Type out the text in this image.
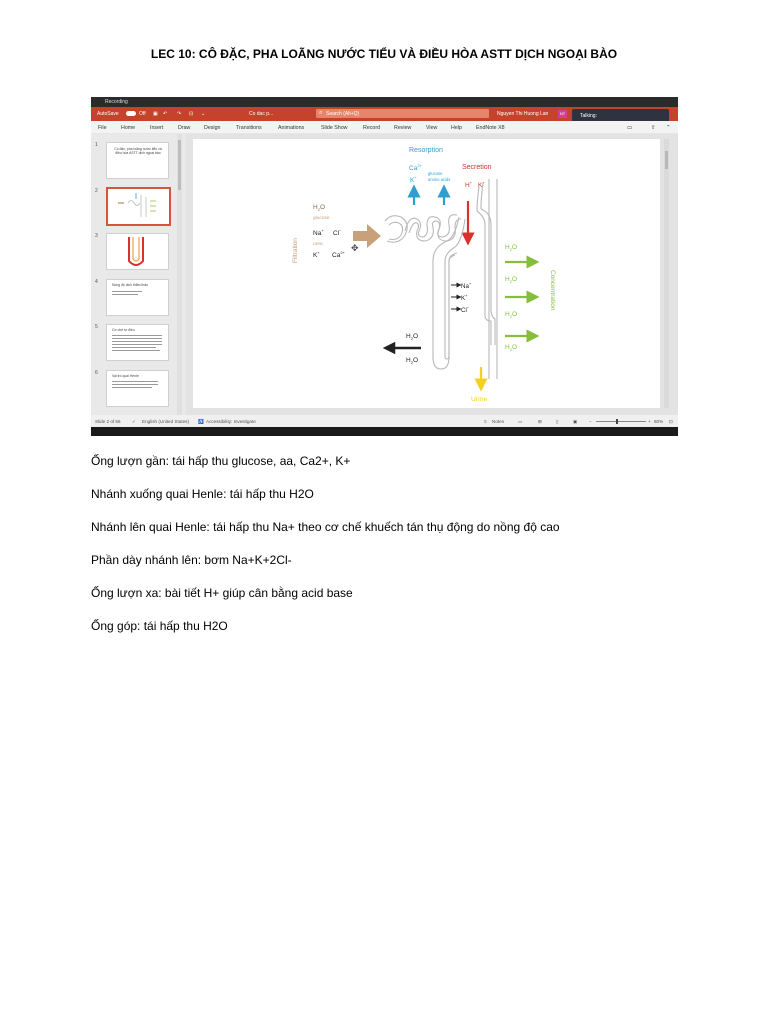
LEC 10: CÔ ĐẶC, PHA LOÃNG NƯỚC TIỂU VÀ ĐIỀU HÒA ASTT DỊCH NGOẠI BÀO
Recording
AutoSave	Off ▣ ↶ ↷ ⊡ ⌄	Co dac p...	⌕ Search (Alt+Q)	Nguyen Thi Huong Lan	NT	Talking:
File	Home	Insert	Draw	Design	Transitions	Animations	Slide Show	Record	Review	View	Help	EndNote X8	▭	⇧ ⌃
1
Cô đặc, pha loãng nước tiểu và điều hòa ASTT dịch ngoại bào
2
3
4	Nồng độ dịch thẩm thấu
5	Cơ chế tự điều
6	Vai trò quai Henle
Resorption
$Ca^{2+}$
K+
glucose
amino acids
Secretion
H+ K+
Filtration
$H_2O$
glucose
Na+ Cl−
urea
K+ $Ca^{2+}$ ✥
Na+
K+
Cl−
$H_2O$
$H_2O$
$H_2O$
$H_2O$
$H_2O$
$H_2O$
Concentration
Urine
Slide 2 of 56 ✓ English (United States) ♿ Accessibility: Investigate	≡ Notes	▭	⊞	▯	▣	−	+ 60% ⊡
Ống lượn gần: tái hấp thu glucose, aa, Ca2+, K+
Nhánh xuống quai Henle: tái hấp thu H2O
Nhánh lên quai Henle: tái hấp thu Na+ theo cơ chế khuếch tán thụ động do nồng độ cao
Phần dày nhánh lên: bơm Na+K+2Cl-
Ống lượn xa: bài tiết H+ giúp cân bằng acid base
Ống góp: tái hấp thu H2O
